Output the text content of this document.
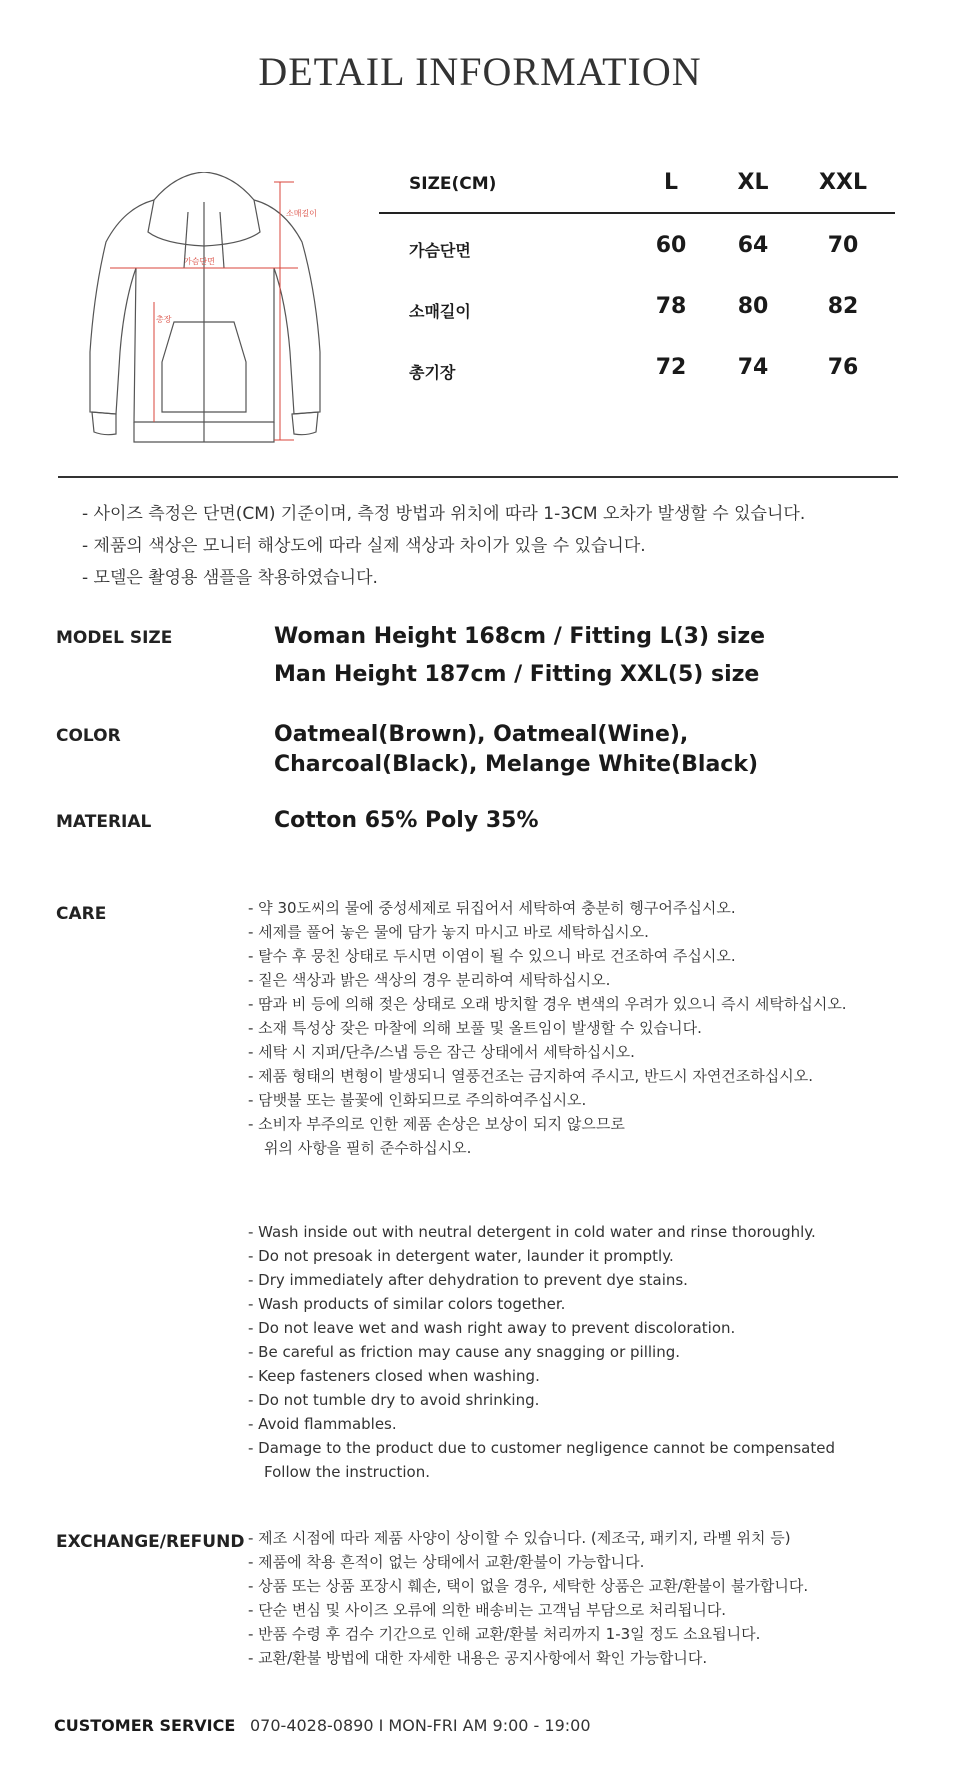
DETAIL INFORMATION
소매길이
가슴단면
총장
SIZE(CM)	L	XL	XXL
가슴단면	60	64	70
소매길이	78	80	82
총기장	72	74	76
- 사이즈 측정은 단면(CM) 기준이며, 측정 방법과 위치에 따라 1-3CM 오차가 발생할 수 있습니다.
- 제품의 색상은 모니터 해상도에 따라 실제 색상과 차이가 있을 수 있습니다.
- 모델은 촬영용 샘플을 착용하였습니다.
MODEL SIZE	Woman Height 168cm / Fitting L(3) size
Man Height 187cm / Fitting XXL(5) size
COLOR	Oatmeal(Brown), Oatmeal(Wine),
Charcoal(Black), Melange White(Black)
MATERIAL	Cotton 65% Poly 35%
CARE	- 약 30도씨의 물에 중성세제로 뒤집어서 세탁하여 충분히 헹구어주십시오.
- 세제를 풀어 놓은 물에 담가 놓지 마시고 바로 세탁하십시오.
- 탈수 후 뭉친 상태로 두시면 이염이 될 수 있으니 바로 건조하여 주십시오.
- 짙은 색상과 밝은 색상의 경우 분리하여 세탁하십시오.
- 땀과 비 등에 의해 젖은 상태로 오래 방치할 경우 변색의 우려가 있으니 즉시 세탁하십시오.
- 소재 특성상 잦은 마찰에 의해 보풀 및 올트임이 발생할 수 있습니다.
- 세탁 시 지퍼/단추/스냅 등은 잠근 상태에서 세탁하십시오.
- 제품 형태의 변형이 발생되니 열풍건조는 금지하여 주시고, 반드시 자연건조하십시오.
- 담뱃불 또는 불꽃에 인화되므로 주의하여주십시오.
- 소비자 부주의로 인한 제품 손상은 보상이 되지 않으므로
위의 사항을 필히 준수하십시오.
- Wash inside out with neutral detergent in cold water and rinse thoroughly.
- Do not presoak in detergent water, launder it promptly.
- Dry immediately after dehydration to prevent dye stains.
- Wash products of similar colors together.
- Do not leave wet and wash right away to prevent discoloration.
- Be careful as friction may cause any snagging or pilling.
- Keep fasteners closed when washing.
- Do not tumble dry to avoid shrinking.
- Avoid flammables.
- Damage to the product due to customer negligence cannot be compensated
Follow the instruction.
EXCHANGE/REFUND - 제조 시점에 따라 제품 사양이 상이할 수 있습니다. (제조국, 패키지, 라벨 위치 등)
- 제품에 착용 흔적이 없는 상태에서 교환/환불이 가능합니다.
- 상품 또는 상품 포장시 훼손, 택이 없을 경우, 세탁한 상품은 교환/환불이 불가합니다.
- 단순 변심 및 사이즈 오류에 의한 배송비는 고객님 부담으로 처리됩니다.
- 반품 수령 후 검수 기간으로 인해 교환/환불 처리까지 1-3일 정도 소요됩니다.
- 교환/환불 방법에 대한 자세한 내용은 공지사항에서 확인 가능합니다.
CUSTOMER SERVICE 070-4028-0890 I MON-FRI AM 9:00 - 19:00
